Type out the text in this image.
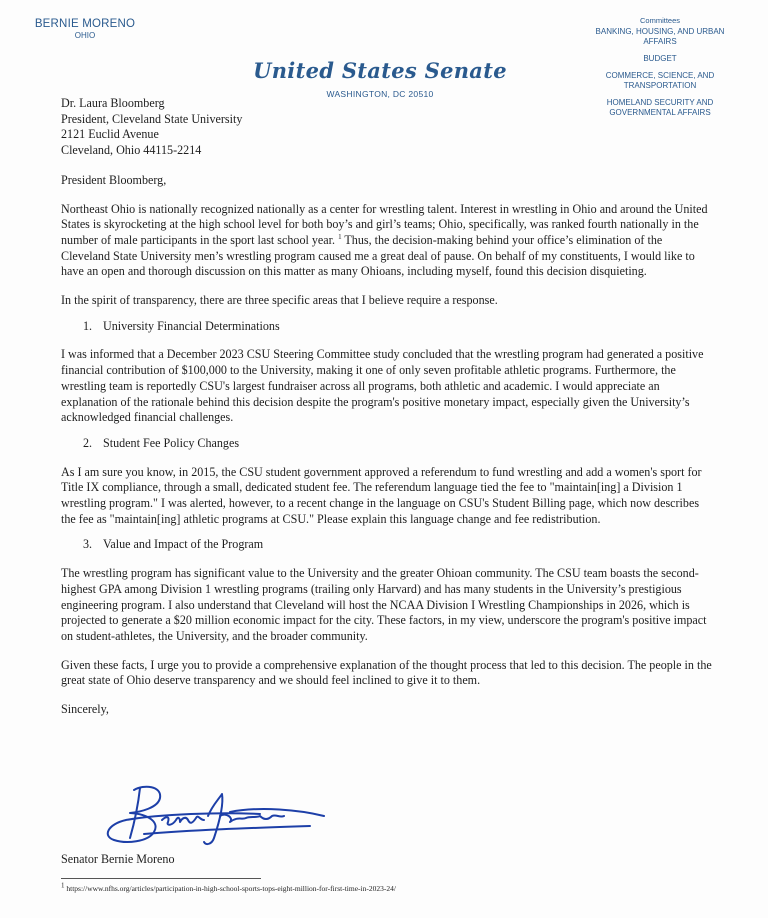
BERNIE MORENO
OHIO
United States Senate
WASHINGTON, DC 20510
Committees
BANKING, HOUSING, AND URBAN AFFAIRS
BUDGET
COMMERCE, SCIENCE, AND TRANSPORTATION
HOMELAND SECURITY AND GOVERNMENTAL AFFAIRS
Dr. Laura Bloomberg
President, Cleveland State University
2121 Euclid Avenue
Cleveland, Ohio 44115-2214

President Bloomberg,

Northeast Ohio is nationally recognized nationally as a center for wrestling talent. Interest in wrestling in Ohio and around the United States is skyrocketing at the high school level for both boy’s and girl’s teams; Ohio, specifically, was ranked fourth nationally in the number of male participants in the sport last school year. $^1$ Thus, the decision-making behind your office’s elimination of the Cleveland State University men’s wrestling program caused me a great deal of pause. On behalf of my constituents, I would like to have an open and thorough discussion on this matter as many Ohioans, including myself, found this decision disquieting.

In the spirit of transparency, there are three specific areas that I believe require a response.

1. University Financial Determinations

I was informed that a December 2023 CSU Steering Committee study concluded that the wrestling program had generated a positive financial contribution of $100,000 to the University, making it one of only seven profitable athletic programs. Furthermore, the wrestling team is reportedly CSU's largest fundraiser across all programs, both athletic and academic. I would appreciate an explanation of the rationale behind this decision despite the program's positive monetary impact, especially given the University’s acknowledged financial challenges.

2. Student Fee Policy Changes

As I am sure you know, in 2015, the CSU student government approved a referendum to fund wrestling and add a women's sport for Title IX compliance, through a small, dedicated student fee. The referendum language tied the fee to "maintain[ing] a Division 1 wrestling program." I was alerted, however, to a recent change in the language on CSU's Student Billing page, which now describes the fee as "maintain[ing] athletic programs at CSU." Please explain this language change and fee redistribution.

3. Value and Impact of the Program

The wrestling program has significant value to the University and the greater Ohioan community. The CSU team boasts the second-highest GPA among Division 1 wrestling programs (trailing only Harvard) and has many students in the University’s prestigious engineering program. I also understand that Cleveland will host the NCAA Division I Wrestling Championships in 2026, which is projected to generate a $20 million economic impact for the city. These factors, in my view, underscore the program's positive impact on student-athletes, the University, and the broader community.

Given these facts, I urge you to provide a comprehensive explanation of the thought process that led to this decision. The people in the great state of Ohio deserve transparency and we should feel inclined to give it to them.

Sincerely,

Senator Bernie Moreno
$^1$ https://www.nfhs.org/articles/participation-in-high-school-sports-tops-eight-million-for-first-time-in-2023-24/
